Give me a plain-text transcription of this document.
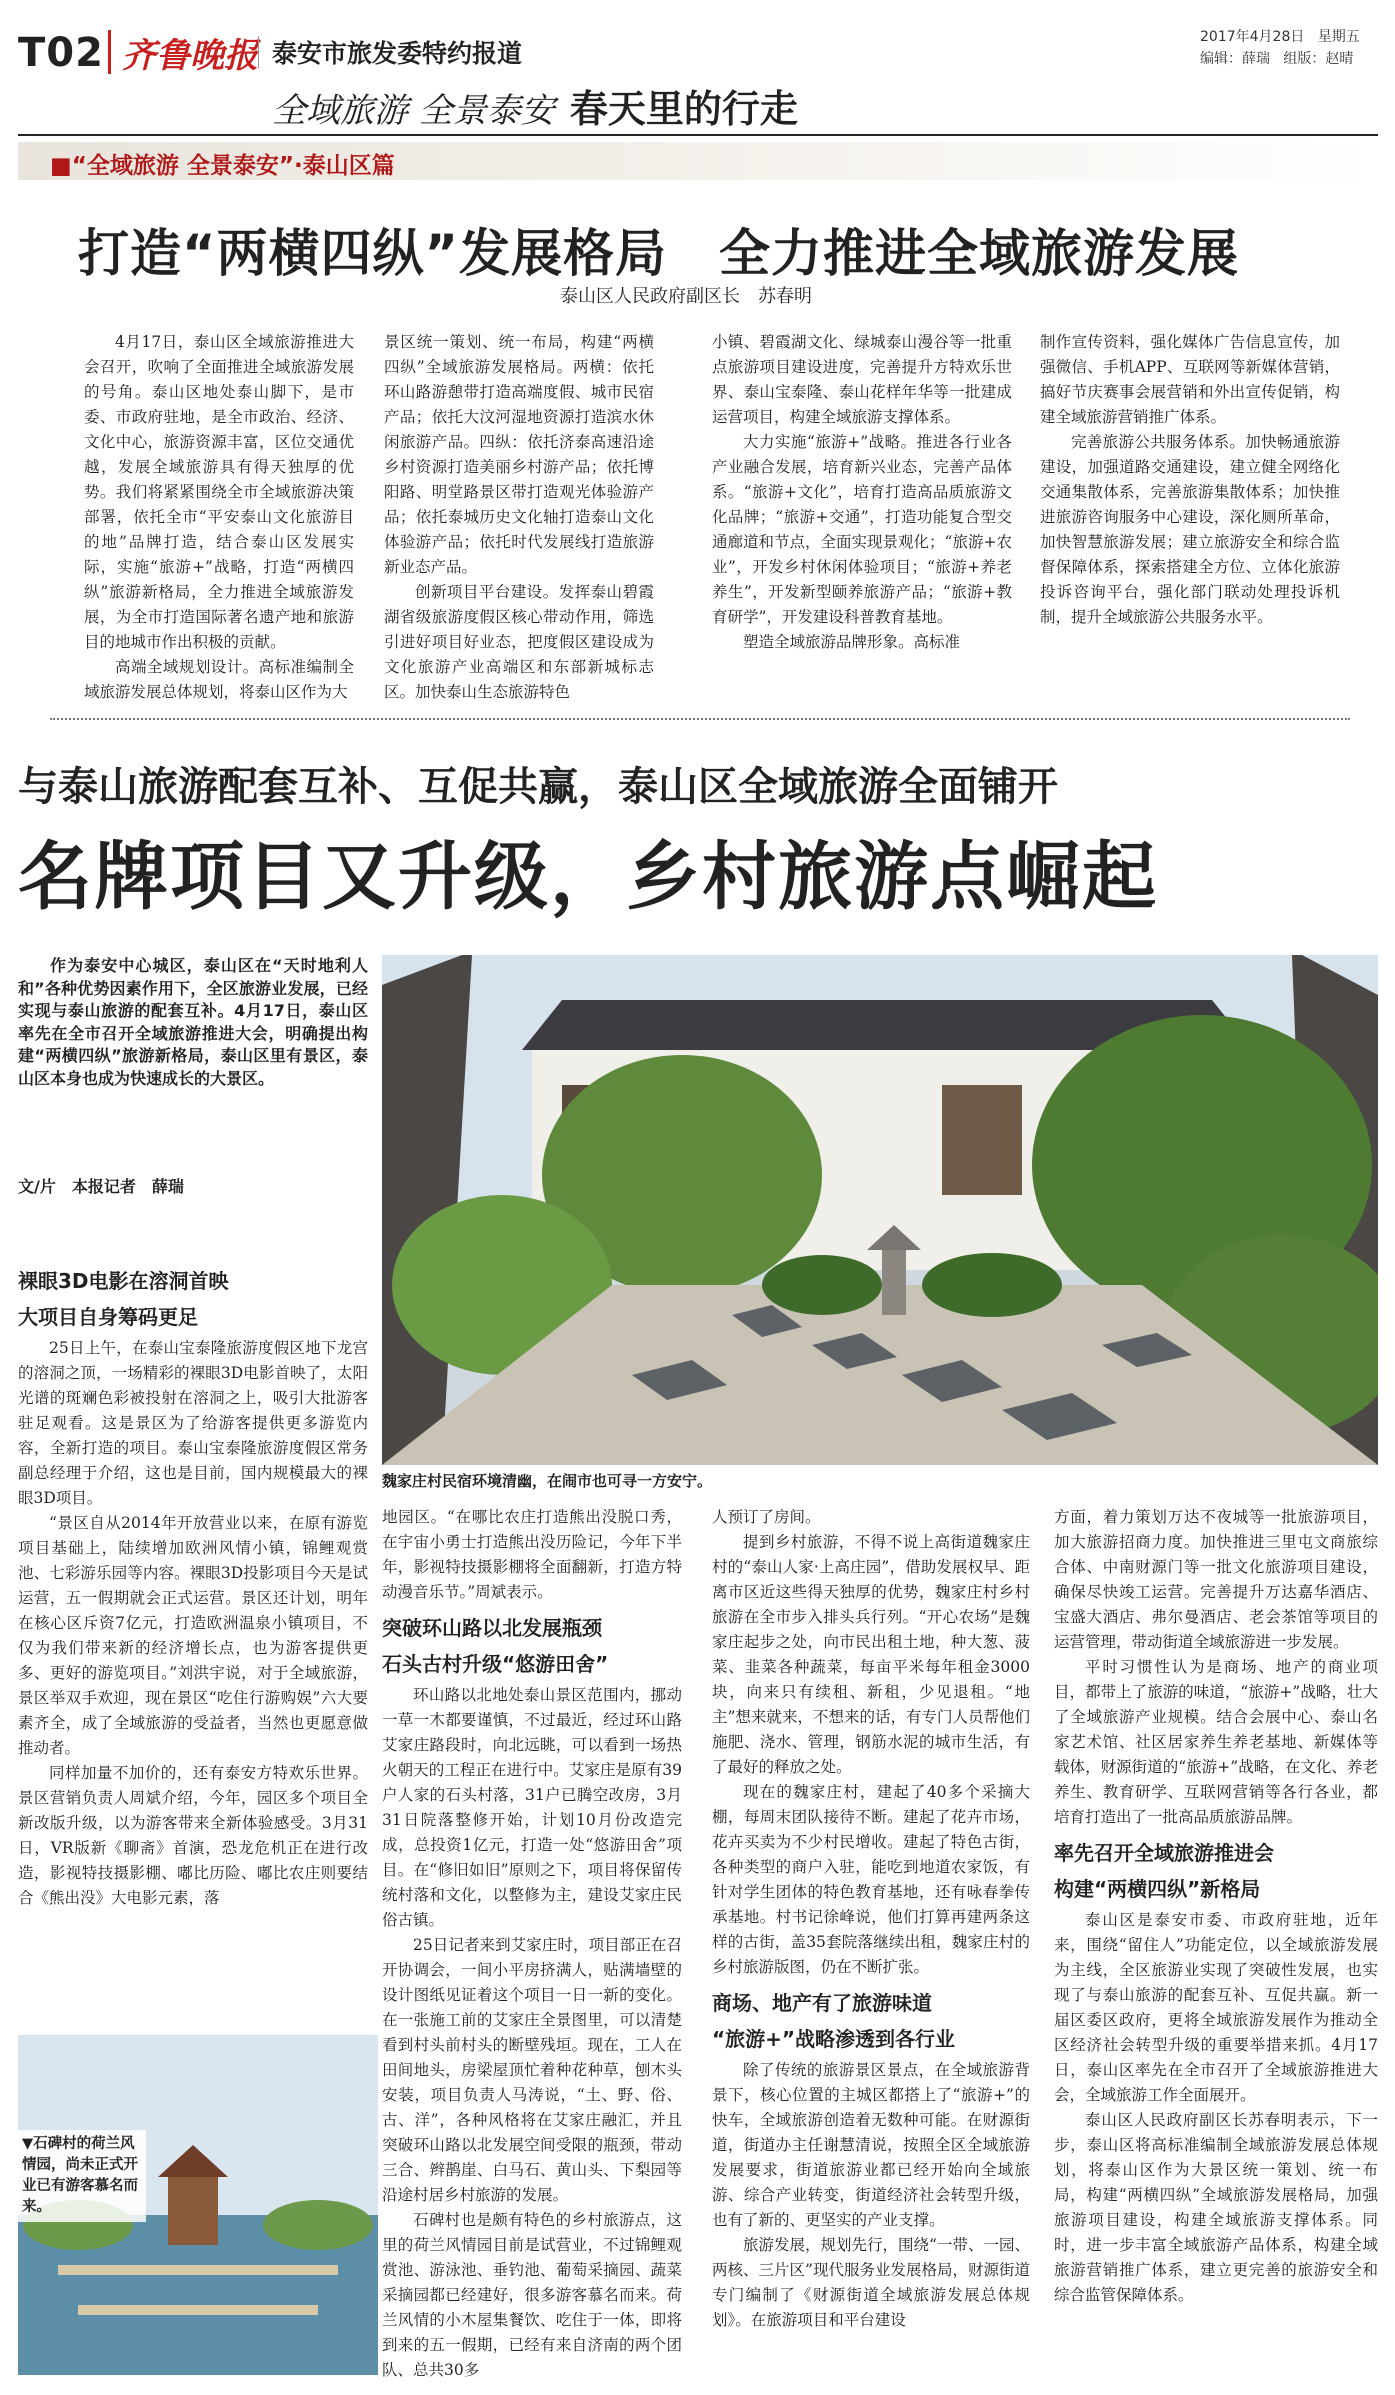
T02 齐鲁晚报 泰安市旅发委特约报道
2017年4月28日 星期五
编辑：薛瑞 组版：赵晴
全域旅游 全景泰安 春天里的行走
■“全域旅游 全景泰安”·泰山区篇
打造“两横四纵”发展格局　全力推进全域旅游发展
泰山区人民政府副区长　苏春明

4月17日，泰山区全域旅游推进大会召开，吹响了全面推进全域旅游发展的号角。泰山区地处泰山脚下，是市委、市政府驻地，是全市政治、经济、文化中心，旅游资源丰富，区位交通优越，发展全域旅游具有得天独厚的优势。我们将紧紧围绕全市全域旅游决策部署，依托全市“平安泰山文化旅游目的地”品牌打造，结合泰山区发展实际，实施“旅游+”战略，打造“两横四纵”旅游新格局，全力推进全域旅游发展，为全市打造国际著名遗产地和旅游目的地城市作出积极的贡献。

高端全域规划设计。高标准编制全域旅游发展总体规划，将泰山区作为大

景区统一策划、统一布局，构建“两横四纵”全域旅游发展格局。两横：依托环山路游憩带打造高端度假、城市民宿产品；依托大汶河湿地资源打造滨水休闲旅游产品。四纵：依托济泰高速沿途乡村资源打造美丽乡村游产品；依托博阳路、明堂路景区带打造观光体验游产品；依托泰城历史文化轴打造泰山文化体验游产品；依托时代发展线打造旅游新业态产品。

创新项目平台建设。发挥泰山碧霞湖省级旅游度假区核心带动作用，筛选引进好项目好业态，把度假区建设成为文化旅游产业高端区和东部新城标志区。加快泰山生态旅游特色

小镇、碧霞湖文化、绿城泰山漫谷等一批重点旅游项目建设进度，完善提升方特欢乐世界、泰山宝泰隆、泰山花样年华等一批建成运营项目，构建全域旅游支撑体系。

大力实施“旅游+”战略。推进各行业各产业融合发展，培育新兴业态，完善产品体系。“旅游+文化”，培育打造高品质旅游文化品牌；“旅游+交通”，打造功能复合型交通廊道和节点，全面实现景观化；“旅游+农业”，开发乡村休闲体验项目；“旅游+养老养生”，开发新型颐养旅游产品；“旅游+教育研学”，开发建设科普教育基地。

塑造全域旅游品牌形象。高标准

制作宣传资料，强化媒体广告信息宣传，加强微信、手机APP、互联网等新媒体营销，搞好节庆赛事会展营销和外出宣传促销，构建全域旅游营销推广体系。

完善旅游公共服务体系。加快畅通旅游建设，加强道路交通建设，建立健全网络化交通集散体系，完善旅游集散体系；加快推进旅游咨询服务中心建设，深化厕所革命，加快智慧旅游发展；建立旅游安全和综合监督保障体系，探索搭建全方位、立体化旅游投诉咨询平台，强化部门联动处理投诉机制，提升全域旅游公共服务水平。

与泰山旅游配套互补、互促共赢，泰山区全域旅游全面铺开
名牌项目又升级，乡村旅游点崛起

作为泰安中心城区，泰山区在“天时地利人和”各种优势因素作用下，全区旅游业发展，已经实现与泰山旅游的配套互补。4月17日，泰山区率先在全市召开全域旅游推进大会，明确提出构建“两横四纵”旅游新格局，泰山区里有景区，泰山区本身也成为快速成长的大景区。

文/片　本报记者　薛瑞
魏家庄村民宿环境清幽，在闹市也可寻一方安宁。

裸眼3D电影在溶洞首映

大项目自身筹码更足

25日上午，在泰山宝泰隆旅游度假区地下龙宫的溶洞之顶，一场精彩的裸眼3D电影首映了，太阳光谱的斑斓色彩被投射在溶洞之上，吸引大批游客驻足观看。这是景区为了给游客提供更多游览内容，全新打造的项目。泰山宝泰隆旅游度假区常务副总经理于介绍，这也是目前，国内规模最大的裸眼3D项目。

“景区自从2014年开放营业以来，在原有游览项目基础上，陆续增加欧洲风情小镇，锦鲤观赏池、七彩游乐园等内容。裸眼3D投影项目今天是试运营，五一假期就会正式运营。景区还计划，明年在核心区斥资7亿元，打造欧洲温泉小镇项目，不仅为我们带来新的经济增长点，也为游客提供更多、更好的游览项目。”刘洪宇说，对于全域旅游，景区举双手欢迎，现在景区“吃住行游购娱”六大要素齐全，成了全域旅游的受益者，当然也更愿意做推动者。

同样加量不加价的，还有泰安方特欢乐世界。景区营销负责人周斌介绍，今年，园区多个项目全新改版升级，以为游客带来全新体验感受。3月31日，VR版新《聊斋》首演，恐龙危机正在进行改造，影视特技摄影棚、嘟比历险、嘟比农庄则要结合《熊出没》大电影元素，落

▼石碑村的荷兰风情园，尚未正式开业已有游客慕名而来。

地园区。“在哪比农庄打造熊出没脱口秀，在宇宙小勇士打造熊出没历险记，今年下半年，影视特技摄影棚将全面翻新，打造方特动漫音乐节。”周斌表示。

突破环山路以北发展瓶颈

石头古村升级“悠游田舍”

环山路以北地处泰山景区范围内，挪动一草一木都要谨慎，不过最近，经过环山路艾家庄路段时，向北远眺，可以看到一场热火朝天的工程正在进行中。艾家庄是原有39户人家的石头村落，31户已腾空改房，3月31日院落整修开始，计划10月份改造完成，总投资1亿元，打造一处“悠游田舍”项目。在“修旧如旧”原则之下，项目将保留传统村落和文化，以整修为主，建设艾家庄民俗古镇。

25日记者来到艾家庄时，项目部正在召开协调会，一间小平房挤满人，贴满墙壁的设计图纸见证着这个项目一日一新的变化。在一张施工前的艾家庄全景图里，可以清楚看到村头前村头的断壁残垣。现在，工人在田间地头，房梁屋顶忙着种花种草，刨木头安装，项目负责人马涛说，“土、野、俗、古、洋”，各种风格将在艾家庄融汇，并且突破环山路以北发展空间受限的瓶颈，带动三合、辫鹊崖、白马石、黄山头、下梨园等沿途村居乡村旅游的发展。

石碑村也是颇有特色的乡村旅游点，这里的荷兰风情园目前是试营业，不过锦鲤观赏池、游泳池、垂钓池、葡萄采摘园、蔬菜采摘园都已经建好，很多游客慕名而来。荷兰风情的小木屋集餐饮、吃住于一体，即将到来的五一假期，已经有来自济南的两个团队、总共30多

人预订了房间。

提到乡村旅游，不得不说上高街道魏家庄村的“泰山人家·上高庄园”，借助发展权早、距离市区近这些得天独厚的优势，魏家庄村乡村旅游在全市步入排头兵行列。“开心农场”是魏家庄起步之处，向市民出租土地，种大葱、菠菜、韭菜各种蔬菜，每亩平米每年租金3000块，向来只有续租、新租，少见退租。“地主”想来就来，不想来的话，有专门人员帮他们施肥、浇水、管理，钢筋水泥的城市生活，有了最好的释放之处。

现在的魏家庄村，建起了40多个采摘大棚，每周末团队接待不断。建起了花卉市场，花卉买卖为不少村民增收。建起了特色古街，各种类型的商户入驻，能吃到地道农家饭，有针对学生团体的特色教育基地，还有咏春拳传承基地。村书记徐峰说，他们打算再建两条这样的古街，盖35套院落继续出租，魏家庄村的乡村旅游版图，仍在不断扩张。

商场、地产有了旅游味道

“旅游+”战略渗透到各行业

除了传统的旅游景区景点，在全域旅游背景下，核心位置的主城区都搭上了“旅游+”的快车，全域旅游创造着无数种可能。在财源街道，街道办主任谢慧清说，按照全区全域旅游发展要求，街道旅游业都已经开始向全域旅游、综合产业转变，街道经济社会转型升级，也有了新的、更坚实的产业支撑。

旅游发展，规划先行，围绕“一带、一园、两核、三片区”现代服务业发展格局，财源街道专门编制了《财源街道全域旅游发展总体规划》。在旅游项目和平台建设

方面，着力策划万达不夜城等一批旅游项目，加大旅游招商力度。加快推进三里屯文商旅综合体、中南财源门等一批文化旅游项目建设，确保尽快竣工运营。完善提升万达嘉华酒店、宝盛大酒店、弗尔曼酒店、老会茶馆等项目的运营管理，带动街道全域旅游进一步发展。

平时习惯性认为是商场、地产的商业项目，都带上了旅游的味道，“旅游+”战略，壮大了全域旅游产业规模。结合会展中心、泰山名家艺术馆、社区居家养生养老基地、新媒体等载体，财源街道的“旅游+”战略，在文化、养老养生、教育研学、互联网营销等各行各业，都培育打造出了一批高品质旅游品牌。

率先召开全域旅游推进会

构建“两横四纵”新格局

泰山区是泰安市委、市政府驻地，近年来，围绕“留住人”功能定位，以全域旅游发展为主线，全区旅游业实现了突破性发展，也实现了与泰山旅游的配套互补、互促共赢。新一届区委区政府，更将全域旅游发展作为推动全区经济社会转型升级的重要举措来抓。4月17日，泰山区率先在全市召开了全域旅游推进大会，全域旅游工作全面展开。

泰山区人民政府副区长苏春明表示，下一步，泰山区将高标准编制全域旅游发展总体规划，将泰山区作为大景区统一策划、统一布局，构建“两横四纵”全域旅游发展格局，加强旅游项目建设，构建全域旅游支撑体系。同时，进一步丰富全域旅游产品体系，构建全域旅游营销推广体系，建立更完善的旅游安全和综合监管保障体系。
